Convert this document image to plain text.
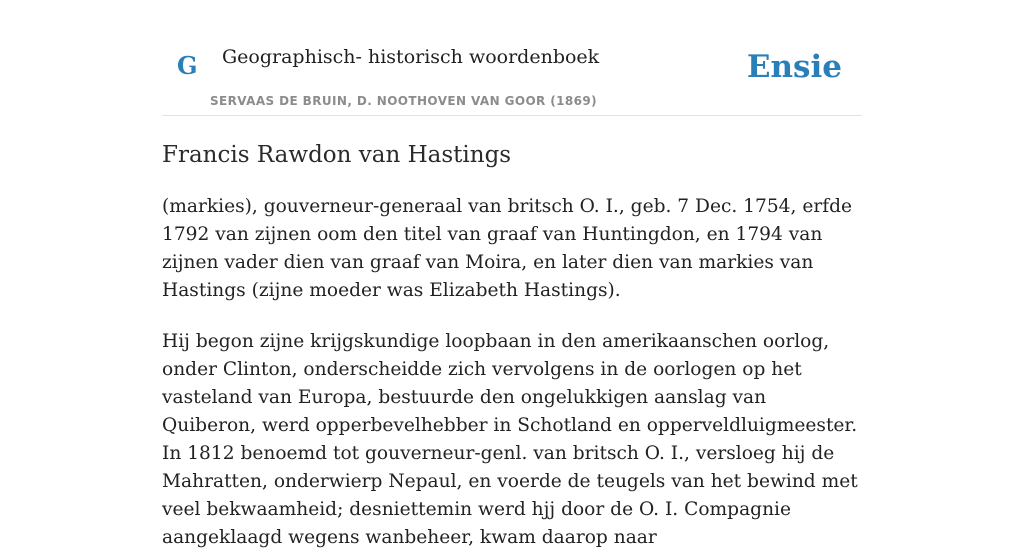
G Geographisch- historisch woordenboek
SERVAAS DE BRUIN, D. NOOTHOVEN VAN GOOR (1869)
Ensie
Francis Rawdon van Hastings

(markies), gouverneur-generaal van britsch O. I., geb. 7 Dec. 1754, erfde 1792 van zijnen oom den titel van graaf van Huntingdon, en 1794 van zijnen vader dien van graaf van Moira, en later dien van markies van Hastings (zijne moeder was Elizabeth Hastings).

Hij begon zijne krijgskundige loopbaan in den amerikaanschen oorlog, onder Clinton, onderscheidde zich vervolgens in de oorlogen op het vasteland van Europa, bestuurde den ongelukkigen aanslag van Quiberon, werd opperbevelhebber in Schotland en opperveldluigmeester. In 1812 benoemd tot gouverneur-genl. van britsch O. I., versloeg hij de Mahratten, onderwierp Nepaul, en voerde de teugels van het bewind met veel bekwaamheid; desniettemin werd hjj door de O. I. Compagnie aangeklaagd wegens wanbeheer, kwam daarop naar
